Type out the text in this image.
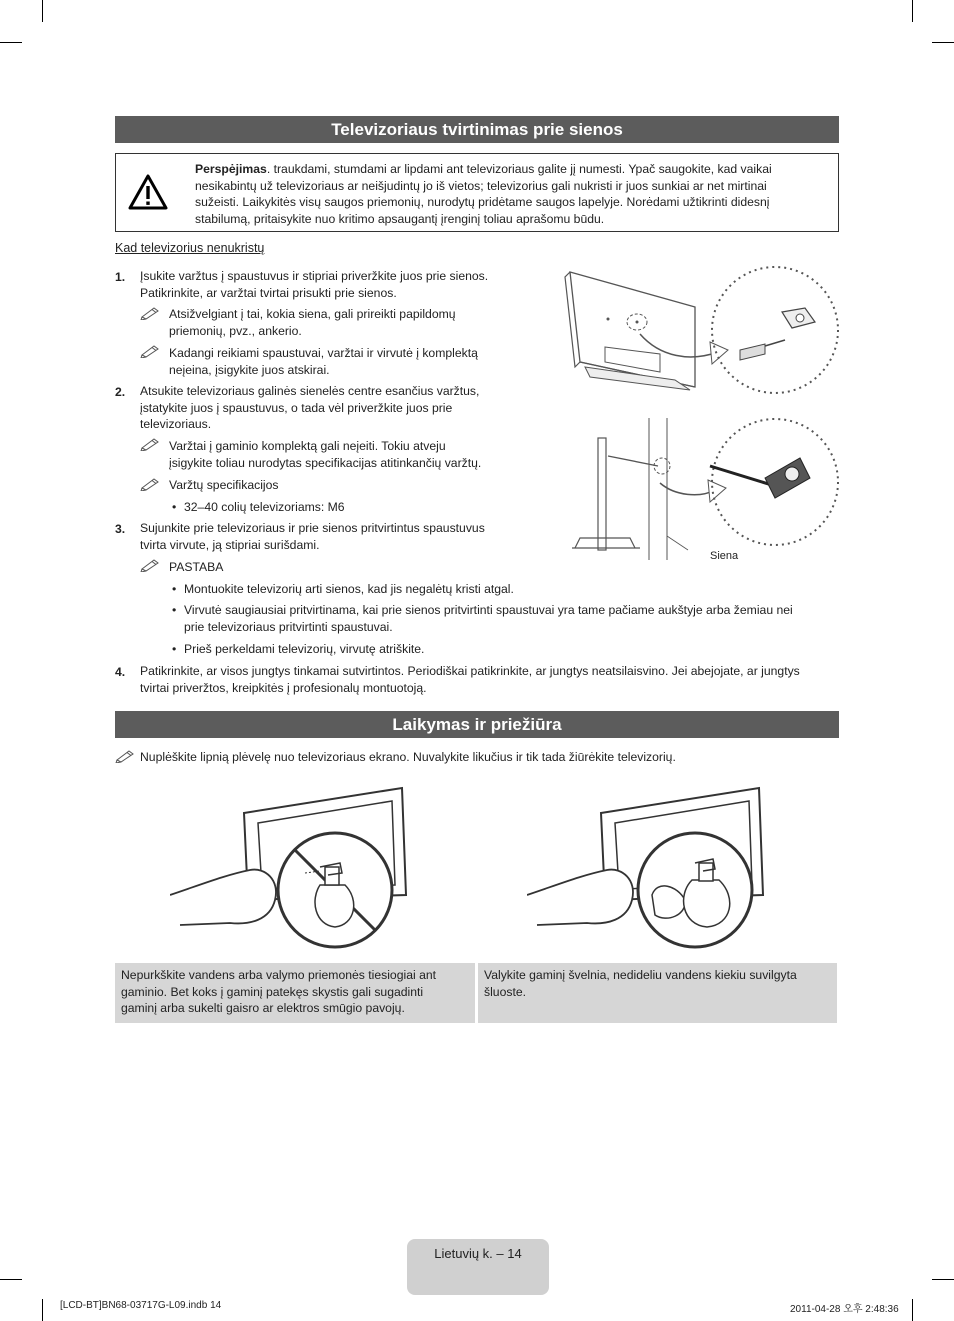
Televizoriaus tvirtinimas prie sienos
Perspėjimas. traukdami, stumdami ar lipdami ant televizoriaus galite jį numesti. Ypač saugokite, kad vaikai
nesikabintų už televizoriaus ar neišjudintų jo iš vietos; televizorius gali nukristi ir juos sunkiai ar net mirtinai
sužeisti. Laikykitės visų saugos priemonių, nurodytų pridėtame saugos lapelyje. Norėdami užtikrinti didesnį
stabilumą, pritaisykite nuo kritimo apsaugantį įrenginį toliau aprašomu būdu.
Kad televizorius nenukristų
1. Įsukite varžtus į spaustuvus ir stipriai priveržkite juos prie sienos.
Patikrinkite, ar varžtai tvirtai prisukti prie sienos.
Atsižvelgiant į tai, kokia siena, gali prireikti papildomų
priemonių, pvz., ankerio.
Kadangi reikiami spaustuvai, varžtai ir virvutė į komplektą
neįeina, įsigykite juos atskirai.
2. Atsukite televizoriaus galinės sienelės centre esančius varžtus,
įstatykite juos į spaustuvus, o tada vėl priveržkite juos prie
televizoriaus.
Varžtai į gaminio komplektą gali neįeiti. Tokiu atveju
įsigykite toliau nurodytas specifikacijas atitinkančių varžtų.
Varžtų specifikacijos
• 32–40 colių televizoriams: M6
3. Sujunkite prie televizoriaus ir prie sienos pritvirtintus spaustuvus
tvirta virvute, ją stipriai surišdami.
PASTABA
• Montuokite televizorių arti sienos, kad jis negalėtų kristi atgal.
• Virvutė saugiausiai pritvirtinama, kai prie sienos pritvirtinti spaustuvai yra tame pačiame aukštyje arba žemiau nei
prie televizoriaus pritvirtinti spaustuvai.
• Prieš perkeldami televizorių, virvutę atriškite.
4. Patikrinkite, ar visos jungtys tinkamai sutvirtintos. Periodiškai patikrinkite, ar jungtys neatsilaisvino. Jei abejojate, ar jungtys
tvirtai priveržtos, kreipkitės į profesionalų montuotoją.
Siena
Laikymas ir priežiūra
Nuplėškite lipnią plėvelę nuo televizoriaus ekrano. Nuvalykite likučius ir tik tada žiūrėkite televizorių.
Nepurkškite vandens arba valymo priemonės tiesiogiai ant
gaminio. Bet koks į gaminį patekęs skystis gali sugadinti
gaminį arba sukelti gaisro ar elektros smūgio pavojų.
Valykite gaminį švelnia, nedideliu vandens kiekiu suvilgyta
šluoste.
Lietuvių k. – 14
[LCD-BT]BN68-03717G-L09.indb 14	2011-04-28 오후 2:48:36
